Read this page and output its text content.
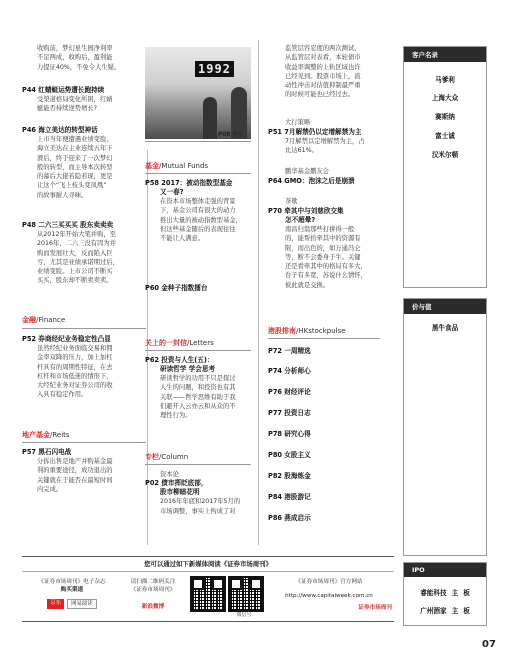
收购前，梦幻星生园净利率
不足两成，收购后，盈利能
力提证40%，不免令人生疑。
P44 红蜻蜓运势遭长跑持续
受渠道格局变化所困，红蜻
蜓能否持续逆势增长?
P46 海立美达的转型神话
上市当年便遭遇业绩变脸，
海立美达在主业连续五年下
滑后，终于迎来了一次梦幻
般的转型，而主导本次转型
的幕后大佬若隐若现，更是
让这个“飞上枝头变凤凰”
的故事耐人寻味。
P48 二六三买买买 股东卖卖卖
从2012年开始大笔并购，至
2016年，二六三没有因为并
购而发展壮大，反而陷入巨
亏，尤其是业绩承诺期过后，
业绩变脸。上市公司不断买
买买，股东却不断卖卖卖。
金融/Finance
P52 券商经纪业务稳定性凸显
虽然经纪业务面临交易和佣
金率双降的压力，加上加杠
杆具有的周期性特征，在去
杠杆和市场低迷的情形下，
大经纪业务对证券公司的收
入具有稳定作用。
地产基金/Reits
P57 黑石闪电战
分拆出售是地产并购基金最
利的重要途径，成功退出的
关键就在于能否在最短时间
内完成。
1992
P08 透视
基金/Mutual Funds
P58 2017：被动指数型基金
又一春?
在资本市场整体走强的背景
下，基金公司有很大的动力
推出大量的被动指数型基金，
但这些基金随后的表现往往
不能让人满意。
P60 金种子指数擂台
关上的一封信/Letters
P62 投资与人生(五)：
研读哲学 学会思考
研读哲学的功用不只是探讨
人生的问题，和投资也有其
关联——哲学思维有助于我
们避开人云亦云和从众的不
理性行为。
专栏/Column
资本论
P02 债市挥眨底部，
股市柳暗花明
2016年年底和2017年5月的
市场调整，事实上构成了对
监管层容忍度的两次测试，
从监管层对表看，本轮债市
收益率调整的上轨区域也许
已经见到。股票市场上，流
动性冲击对估值抑制最严重
的时候可能也已经过去。
大行策略
P51 7月解禁仍以定增解禁为主
7月解禁以定增解禁为主，占
比达61%。
鹏华基金鹏友会
P64 GMO：泡沫之后是崩溃
茶歇
P70 牵其中与刘慈欣交集
怎不超晕?
南昌归翁那些打拼得一般
的，能帮拾牵其中的资源有
限，而出色的，如万通冯仑
等，断不会委身于牛。关键
还是看牵其中的格局有多大，
台子有多宽，苏说什么情怀，
彼此就是交换。
港股排南/HKstockpulse
P72 一周精选
P74 分析师心
P76 财经评论
P77 投资日志
P78 研究心得
P80 女股主义
P82 股海炼金
P84 港股游记
P86 燕成启示
客户名录
马爹利
上海大众
赛斯纳
富士诚
汉米尔顿
价与值
黑牛食品
IPO
睿能科技 主 板
广州酒家 主 板
您可以通过如下新媒体阅读《证券市场周刊》
《证券市场周刊》电子杂志
购买渠道
京东	网易阅读
请扫描二维码关注
《证券市场周刊》
新浪微博
微信号
《证券市场周刊》官方网站
http://www.capitalweek.com.cn
证券市场周刊
07
